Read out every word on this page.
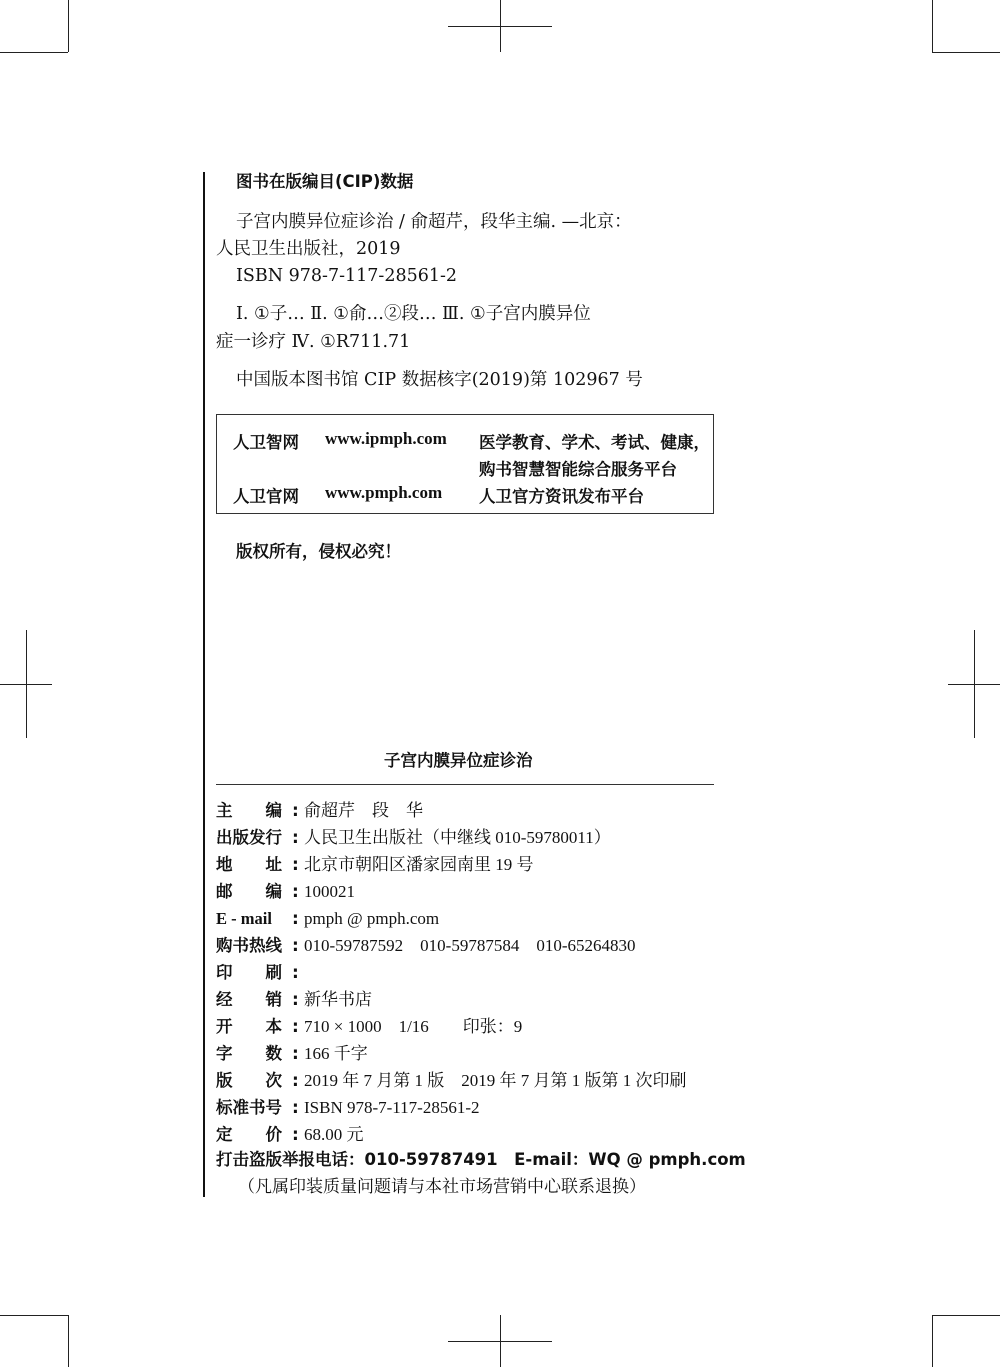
图书在版编目(CIP)数据
子宫内膜异位症诊治 / 俞超芹，段华主编. —北京：
人民卫生出版社，2019
ISBN 978-7-117-28561-2
Ⅰ. ①子… Ⅱ. ①俞…②段… Ⅲ. ①子宫内膜异位
症一诊疗 Ⅳ. ①R711.71
中国版本图书馆 CIP 数据核字(2019)第 102967 号
人卫智网 www.ipmph.com 医学教育、学术、考试、健康，
购书智慧智能综合服务平台
人卫官网 www.pmph.com 人卫官方资讯发布平台
版权所有，侵权必究！
子宫内膜异位症诊治
主　　编 : 俞超芹　段　华
出版发行 : 人民卫生出版社（中继线 010-59780011）
地　　址 : 北京市朝阳区潘家园南里 19 号
邮　　编 : 100021
E - mail	: pmph @ pmph.com
购书热线 : 010-59787592　010-59787584　010-65264830
印　　刷 :
经　　销 : 新华书店
开　　本 : 710 × 1000　1/16　　印张：9
字　　数 : 166 千字
版　　次 : 2019 年 7 月第 1 版　2019 年 7 月第 1 版第 1 次印刷
标准书号 : ISBN 978-7-117-28561-2
定　　价 : 68.00 元
打击盗版举报电话：010-59787491　E-mail：WQ @ pmph.com
（凡属印装质量问题请与本社市场营销中心联系退换）
